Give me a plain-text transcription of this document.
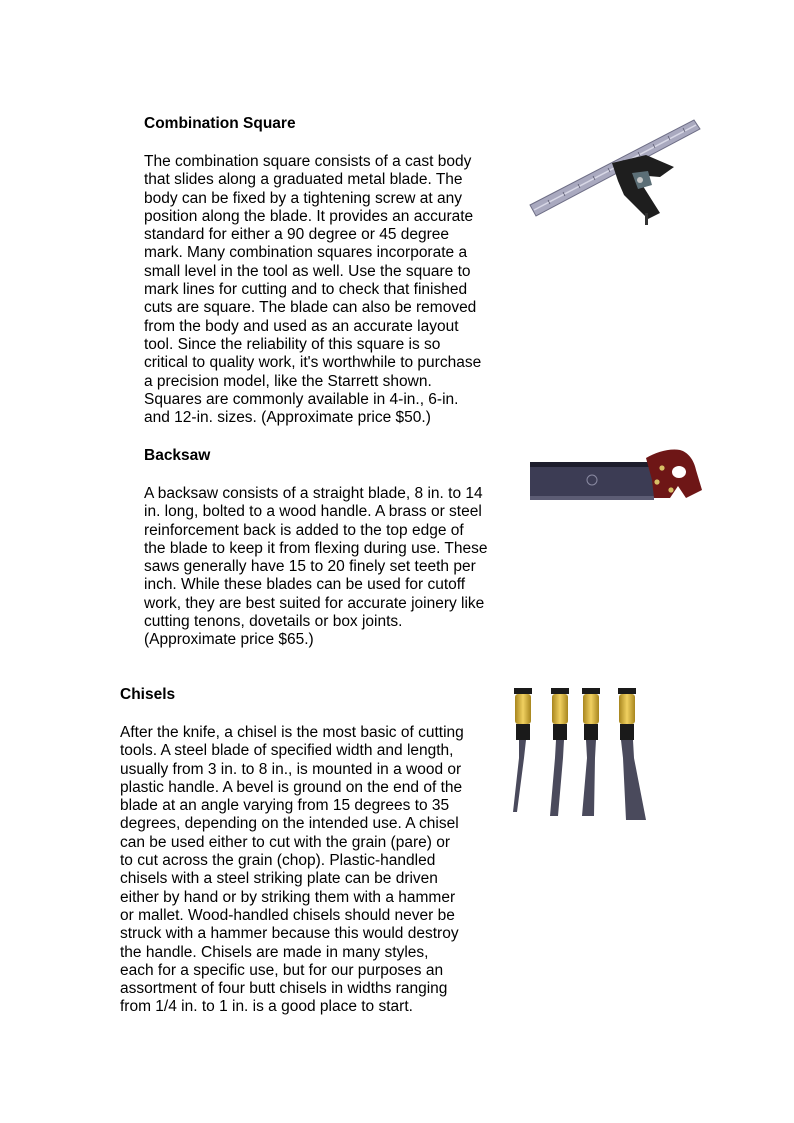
Combination Square

The combination square consists of a cast body
that slides along a graduated metal blade. The
body can be fixed by a tightening screw at any
position along the blade. It provides an accurate
standard for either a 90 degree or 45 degree
mark. Many combination squares incorporate a
small level in the tool as well. Use the square to
mark lines for cutting and to check that finished
cuts are square. The blade can also be removed
from the body and used as an accurate layout
tool. Since the reliability of this square is so
critical to quality work, it's worthwhile to purchase
a precision model, like the Starrett shown.
Squares are commonly available in 4-in., 6-in.
and 12-in. sizes. (Approximate price $50.)

Backsaw

A backsaw consists of a straight blade, 8 in. to 14
in. long, bolted to a wood handle. A brass or steel
reinforcement back is added to the top edge of
the blade to keep it from flexing during use. These
saws generally have 15 to 20 finely set teeth per
inch. While these blades can be used for cutoff
work, they are best suited for accurate joinery like
cutting tenons, dovetails or box joints.
(Approximate price $65.)

Chisels

After the knife, a chisel is the most basic of cutting
tools. A steel blade of specified width and length,
usually from 3 in. to 8 in., is mounted in a wood or
plastic handle. A bevel is ground on the end of the
blade at an angle varying from 15 degrees to 35
degrees, depending on the intended use. A chisel
can be used either to cut with the grain (pare) or
to cut across the grain (chop). Plastic-handled
chisels with a steel striking plate can be driven
either by hand or by striking them with a hammer
or mallet. Wood-handled chisels should never be
struck with a hammer because this would destroy
the handle. Chisels are made in many styles,
each for a specific use, but for our purposes an
assortment of four butt chisels in widths ranging
from 1/4 in. to 1 in. is a good place to start.
